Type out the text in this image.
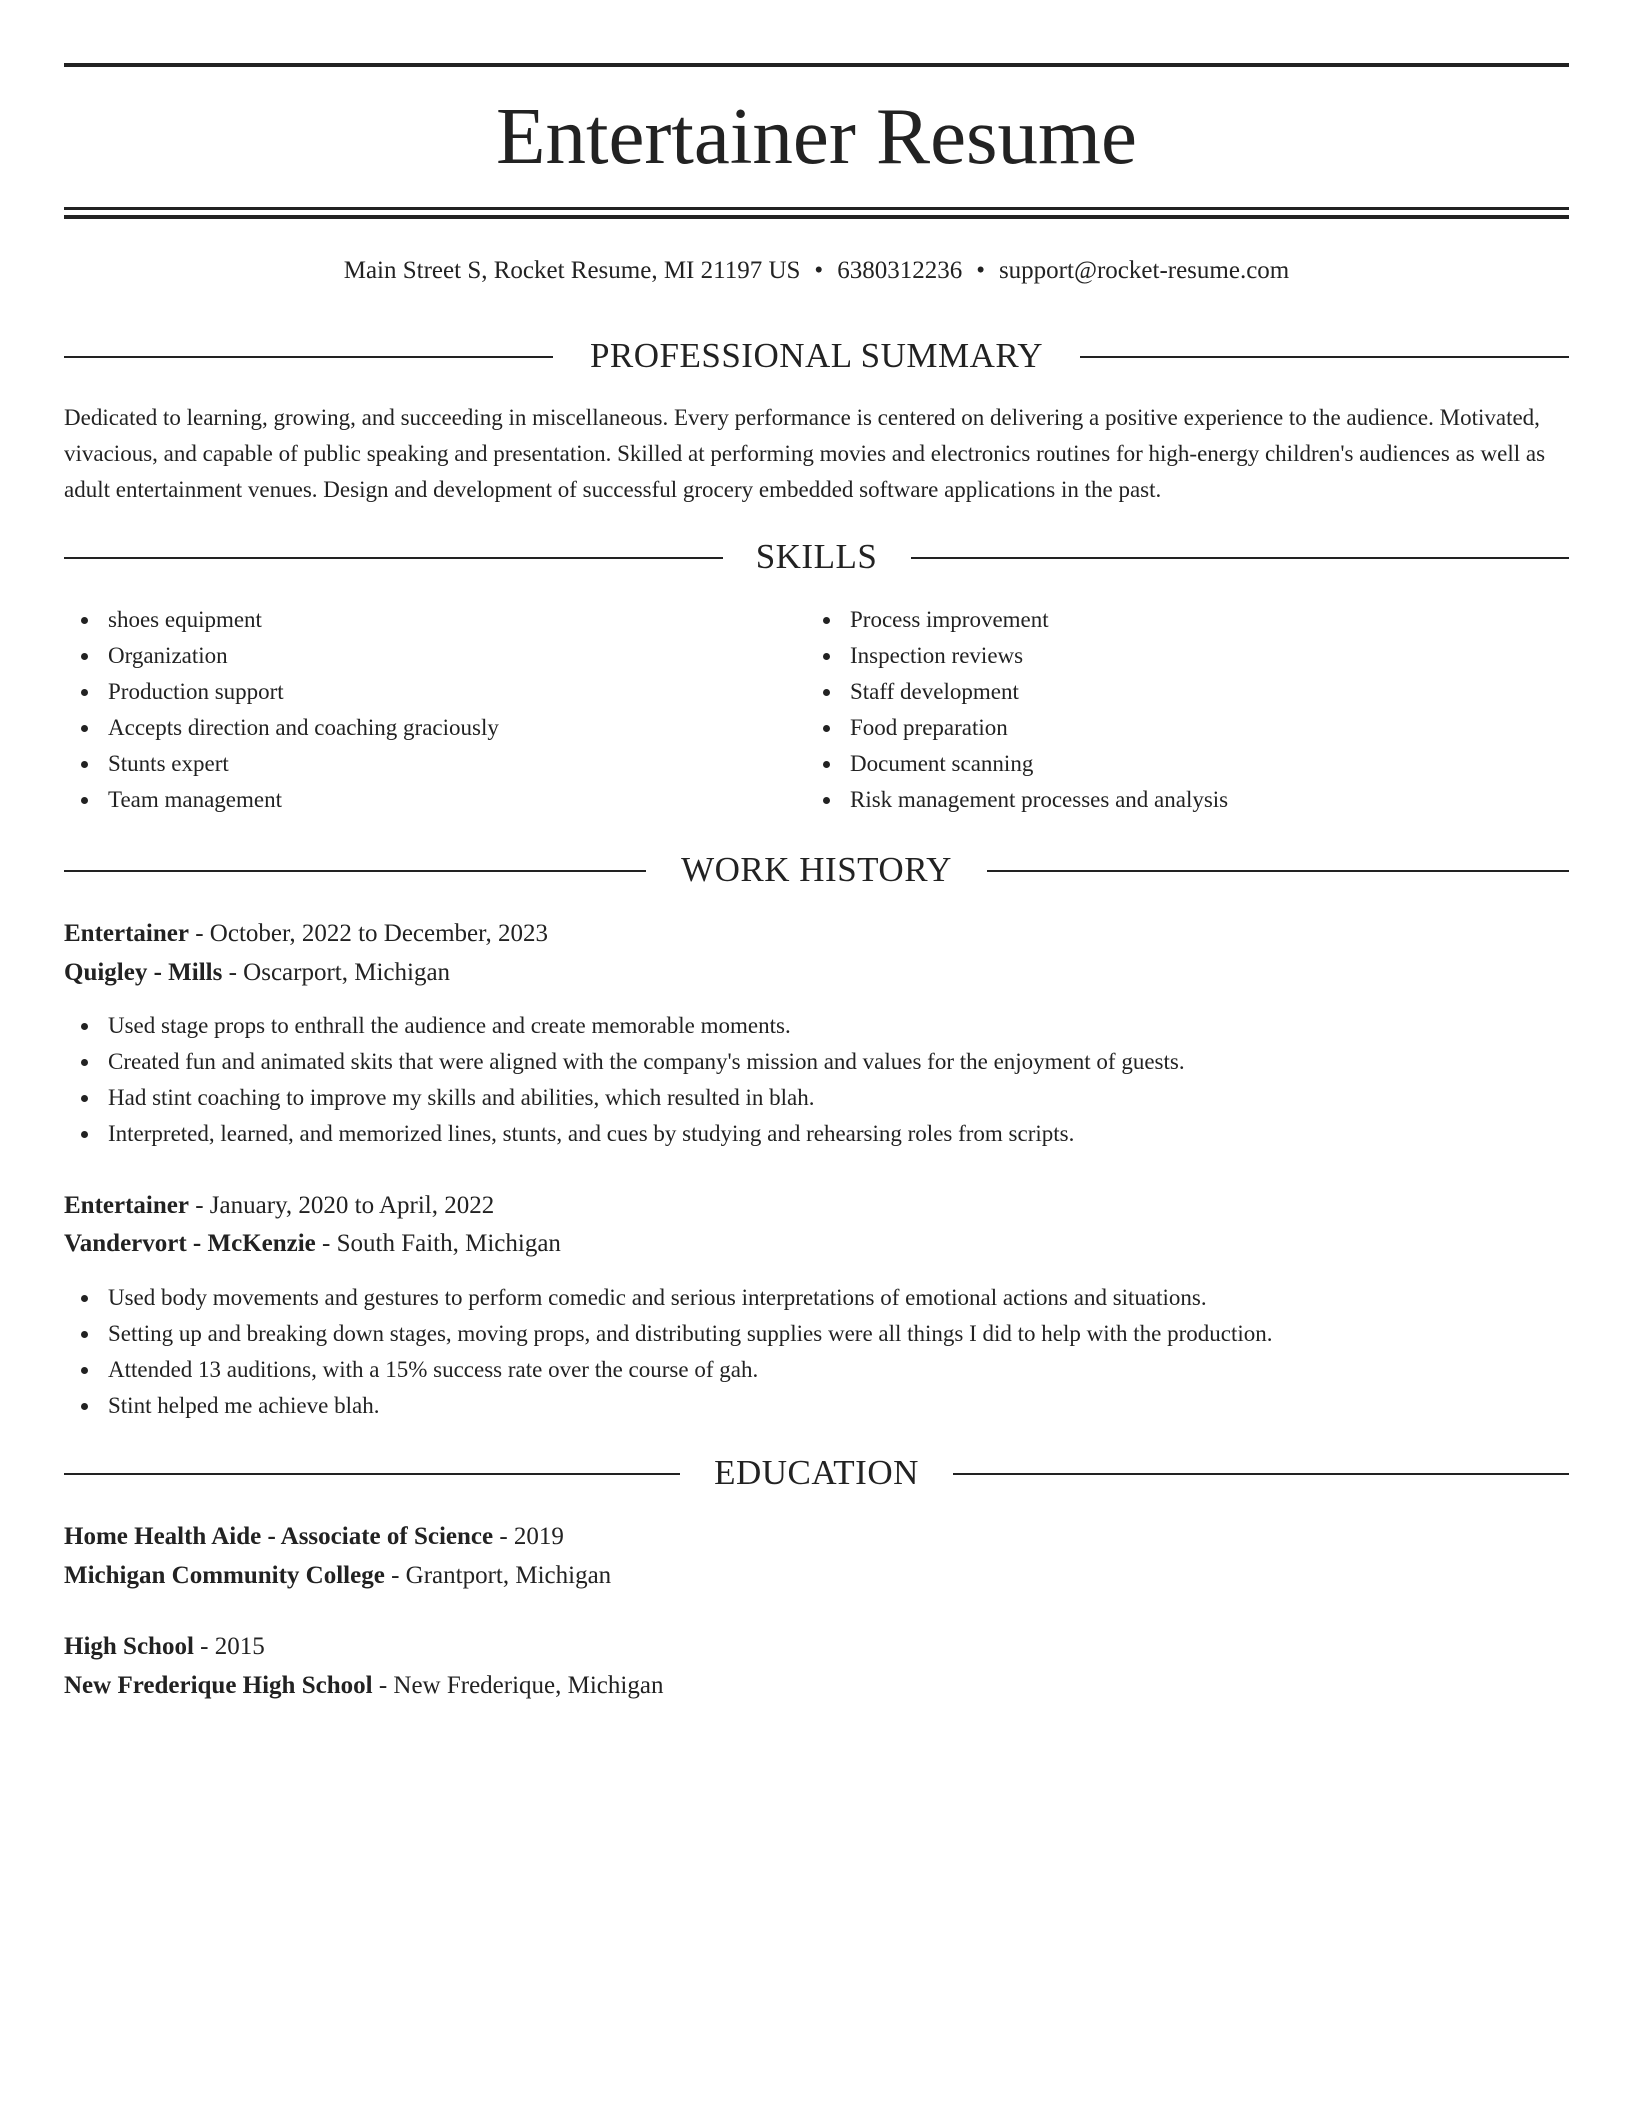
Entertainer Resume
Main Street S, Rocket Resume, MI 21197 US • 6380312236 • support@rocket-resume.com
PROFESSIONAL SUMMARY

Dedicated to learning, growing, and succeeding in miscellaneous. Every performance is centered on delivering a positive experience to the audience. Motivated, vivacious, and capable of public speaking and presentation. Skilled at performing movies and electronics routines for high-energy children's audiences as well as adult entertainment venues. Design and development of successful grocery embedded software applications in the past.

SKILLS
shoes equipment
Organization
Production support
Accepts direction and coaching graciously
Stunts expert
Team management
Process improvement
Inspection reviews
Staff development
Food preparation
Document scanning
Risk management processes and analysis
WORK HISTORY
Entertainer - October, 2022 to December, 2023
Quigley - Mills - Oscarport, Michigan
Used stage props to enthrall the audience and create memorable moments.
Created fun and animated skits that were aligned with the company's mission and values for the enjoyment of guests.
Had stint coaching to improve my skills and abilities, which resulted in blah.
Interpreted, learned, and memorized lines, stunts, and cues by studying and rehearsing roles from scripts.
Entertainer - January, 2020 to April, 2022
Vandervort - McKenzie - South Faith, Michigan
Used body movements and gestures to perform comedic and serious interpretations of emotional actions and situations.
Setting up and breaking down stages, moving props, and distributing supplies were all things I did to help with the production.
Attended 13 auditions, with a 15% success rate over the course of gah.
Stint helped me achieve blah.
EDUCATION
Home Health Aide - Associate of Science - 2019
Michigan Community College - Grantport, Michigan
High School - 2015
New Frederique High School - New Frederique, Michigan
